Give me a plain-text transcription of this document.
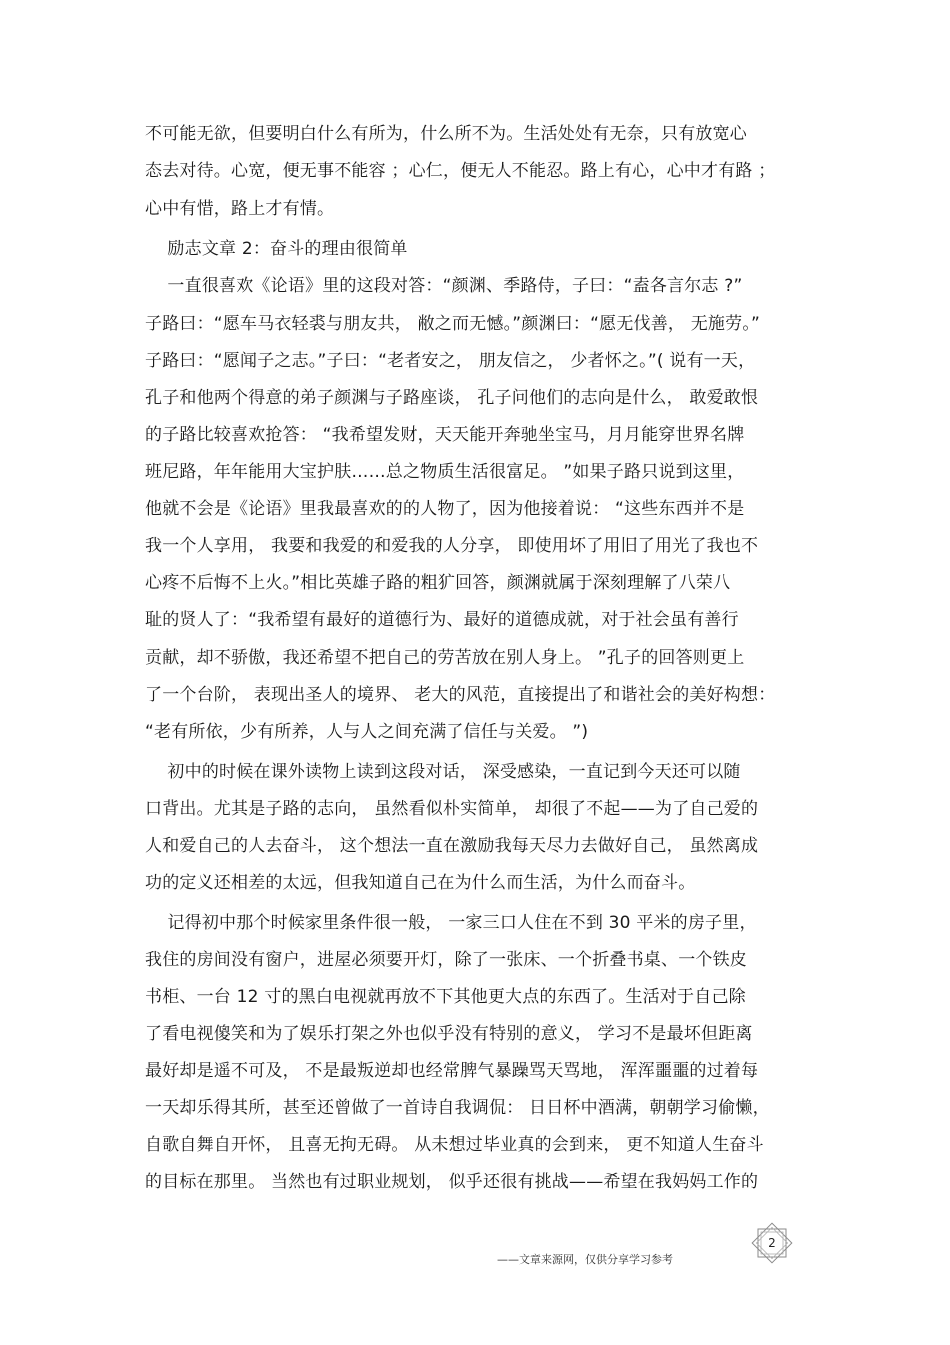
不可能无欲，但要明白什么有所为，什么所不为。生活处处有无奈，只有放宽心
态去对待。心宽，便无事不能容 ；心仁，便无人不能忍。路上有心，心中才有路 ；
心中有惜，路上才有情。
励志文章 2：奋斗的理由很简单
一直很喜欢《论语》里的这段对答：“颜渊、季路侍，子曰：“盍各言尔志 ?”
子路曰：“愿车马衣轻裘与朋友共， 敝之而无憾。”颜渊曰：“愿无伐善， 无施劳。”
子路曰：“愿闻子之志。”子曰：“老者安之， 朋友信之， 少者怀之。”( 说有一天，
孔子和他两个得意的弟子颜渊与子路座谈， 孔子问他们的志向是什么， 敢爱敢恨
的子路比较喜欢抢答： “我希望发财，天天能开奔驰坐宝马，月月能穿世界名牌
班尼路，年年能用大宝护肤……总之物质生活很富足。 ”如果子路只说到这里，
他就不会是《论语》里我最喜欢的的人物了，因为他接着说： “这些东西并不是
我一个人享用， 我要和我爱的和爱我的人分享， 即使用坏了用旧了用光了我也不
心疼不后悔不上火。”相比英雄子路的粗犷回答，颜渊就属于深刻理解了八荣八
耻的贤人了：“我希望有最好的道德行为、最好的道德成就，对于社会虽有善行
贡献，却不骄傲，我还希望不把自己的劳苦放在别人身上。 ”孔子的回答则更上
了一个台阶， 表现出圣人的境界、 老大的风范，直接提出了和谐社会的美好构想：
“老有所依，少有所养，人与人之间充满了信任与关爱。 ”)
初中的时候在课外读物上读到这段对话， 深受感染，一直记到今天还可以随
口背出。尤其是子路的志向， 虽然看似朴实简单， 却很了不起——为了自己爱的
人和爱自己的人去奋斗， 这个想法一直在激励我每天尽力去做好自己， 虽然离成
功的定义还相差的太远，但我知道自己在为什么而生活，为什么而奋斗。
记得初中那个时候家里条件很一般， 一家三口人住在不到 30 平米的房子里，
我住的房间没有窗户，进屋必须要开灯，除了一张床、一个折叠书桌、一个铁皮
书柜、一台 12 寸的黑白电视就再放不下其他更大点的东西了。生活对于自己除
了看电视傻笑和为了娱乐打架之外也似乎没有特别的意义， 学习不是最坏但距离
最好却是遥不可及， 不是最叛逆却也经常脾气暴躁骂天骂地， 浑浑噩噩的过着每
一天却乐得其所，甚至还曾做了一首诗自我调侃： 日日杯中酒满，朝朝学习偷懒，
自歌自舞自开怀， 且喜无拘无碍。 从未想过毕业真的会到来， 更不知道人生奋斗
的目标在那里。 当然也有过职业规划， 似乎还很有挑战——希望在我妈妈工作的
2
——文章来源网，仅供分享学习参考
